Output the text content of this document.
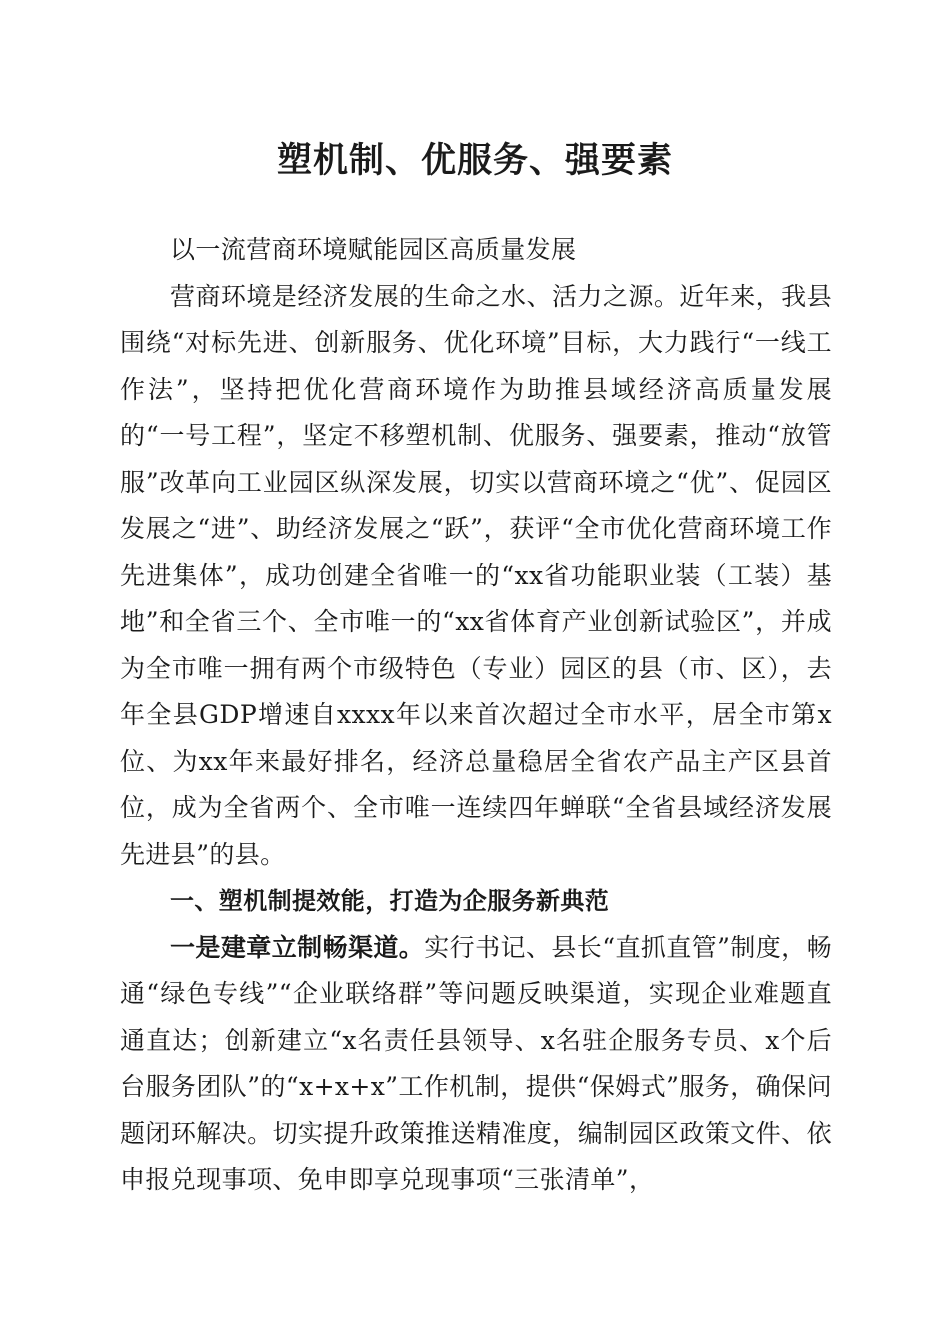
塑机制、优服务、强要素

以一流营商环境赋能园区高质量发展

营商环境是经济发展的生命之水、活力之源。近年来，我县围绕“对标先进、创新服务、优化环境”目标，大力践行“一线工作法”，坚持把优化营商环境作为助推县域经济高质量发展的“一号工程”，坚定不移塑机制、优服务、强要素，推动“放管服”改革向工业园区纵深发展，切实以营商环境之“优”、促园区发展之“进”、助经济发展之“跃”，获评“全市优化营商环境工作先进集体”，成功创建全省唯一的“xx省功能职业装（工装）基地”和全省三个、全市唯一的“xx省体育产业创新试验区”，并成为全市唯一拥有两个市级特色（专业）园区的县（市、区），去年全县GDP增速自xxxx年以来首次超过全市水平，居全市第x位、为xx年来最好排名，经济总量稳居全省农产品主产区县首位，成为全省两个、全市唯一连续四年蝉联“全省县域经济发展先进县”的县。

一、塑机制提效能，打造为企服务新典范

一是建章立制畅渠道。实行书记、县长“直抓直管”制度，畅通“绿色专线”“企业联络群”等问题反映渠道，实现企业难题直通直达；创新建立“x名责任县领导、x名驻企服务专员、x个后台服务团队”的“x+x+x”工作机制，提供“保姆式”服务，确保问题闭环解决。切实提升政策推送精准度，编制园区政策文件、依申报兑现事项、免申即享兑现事项“三张清单”，
